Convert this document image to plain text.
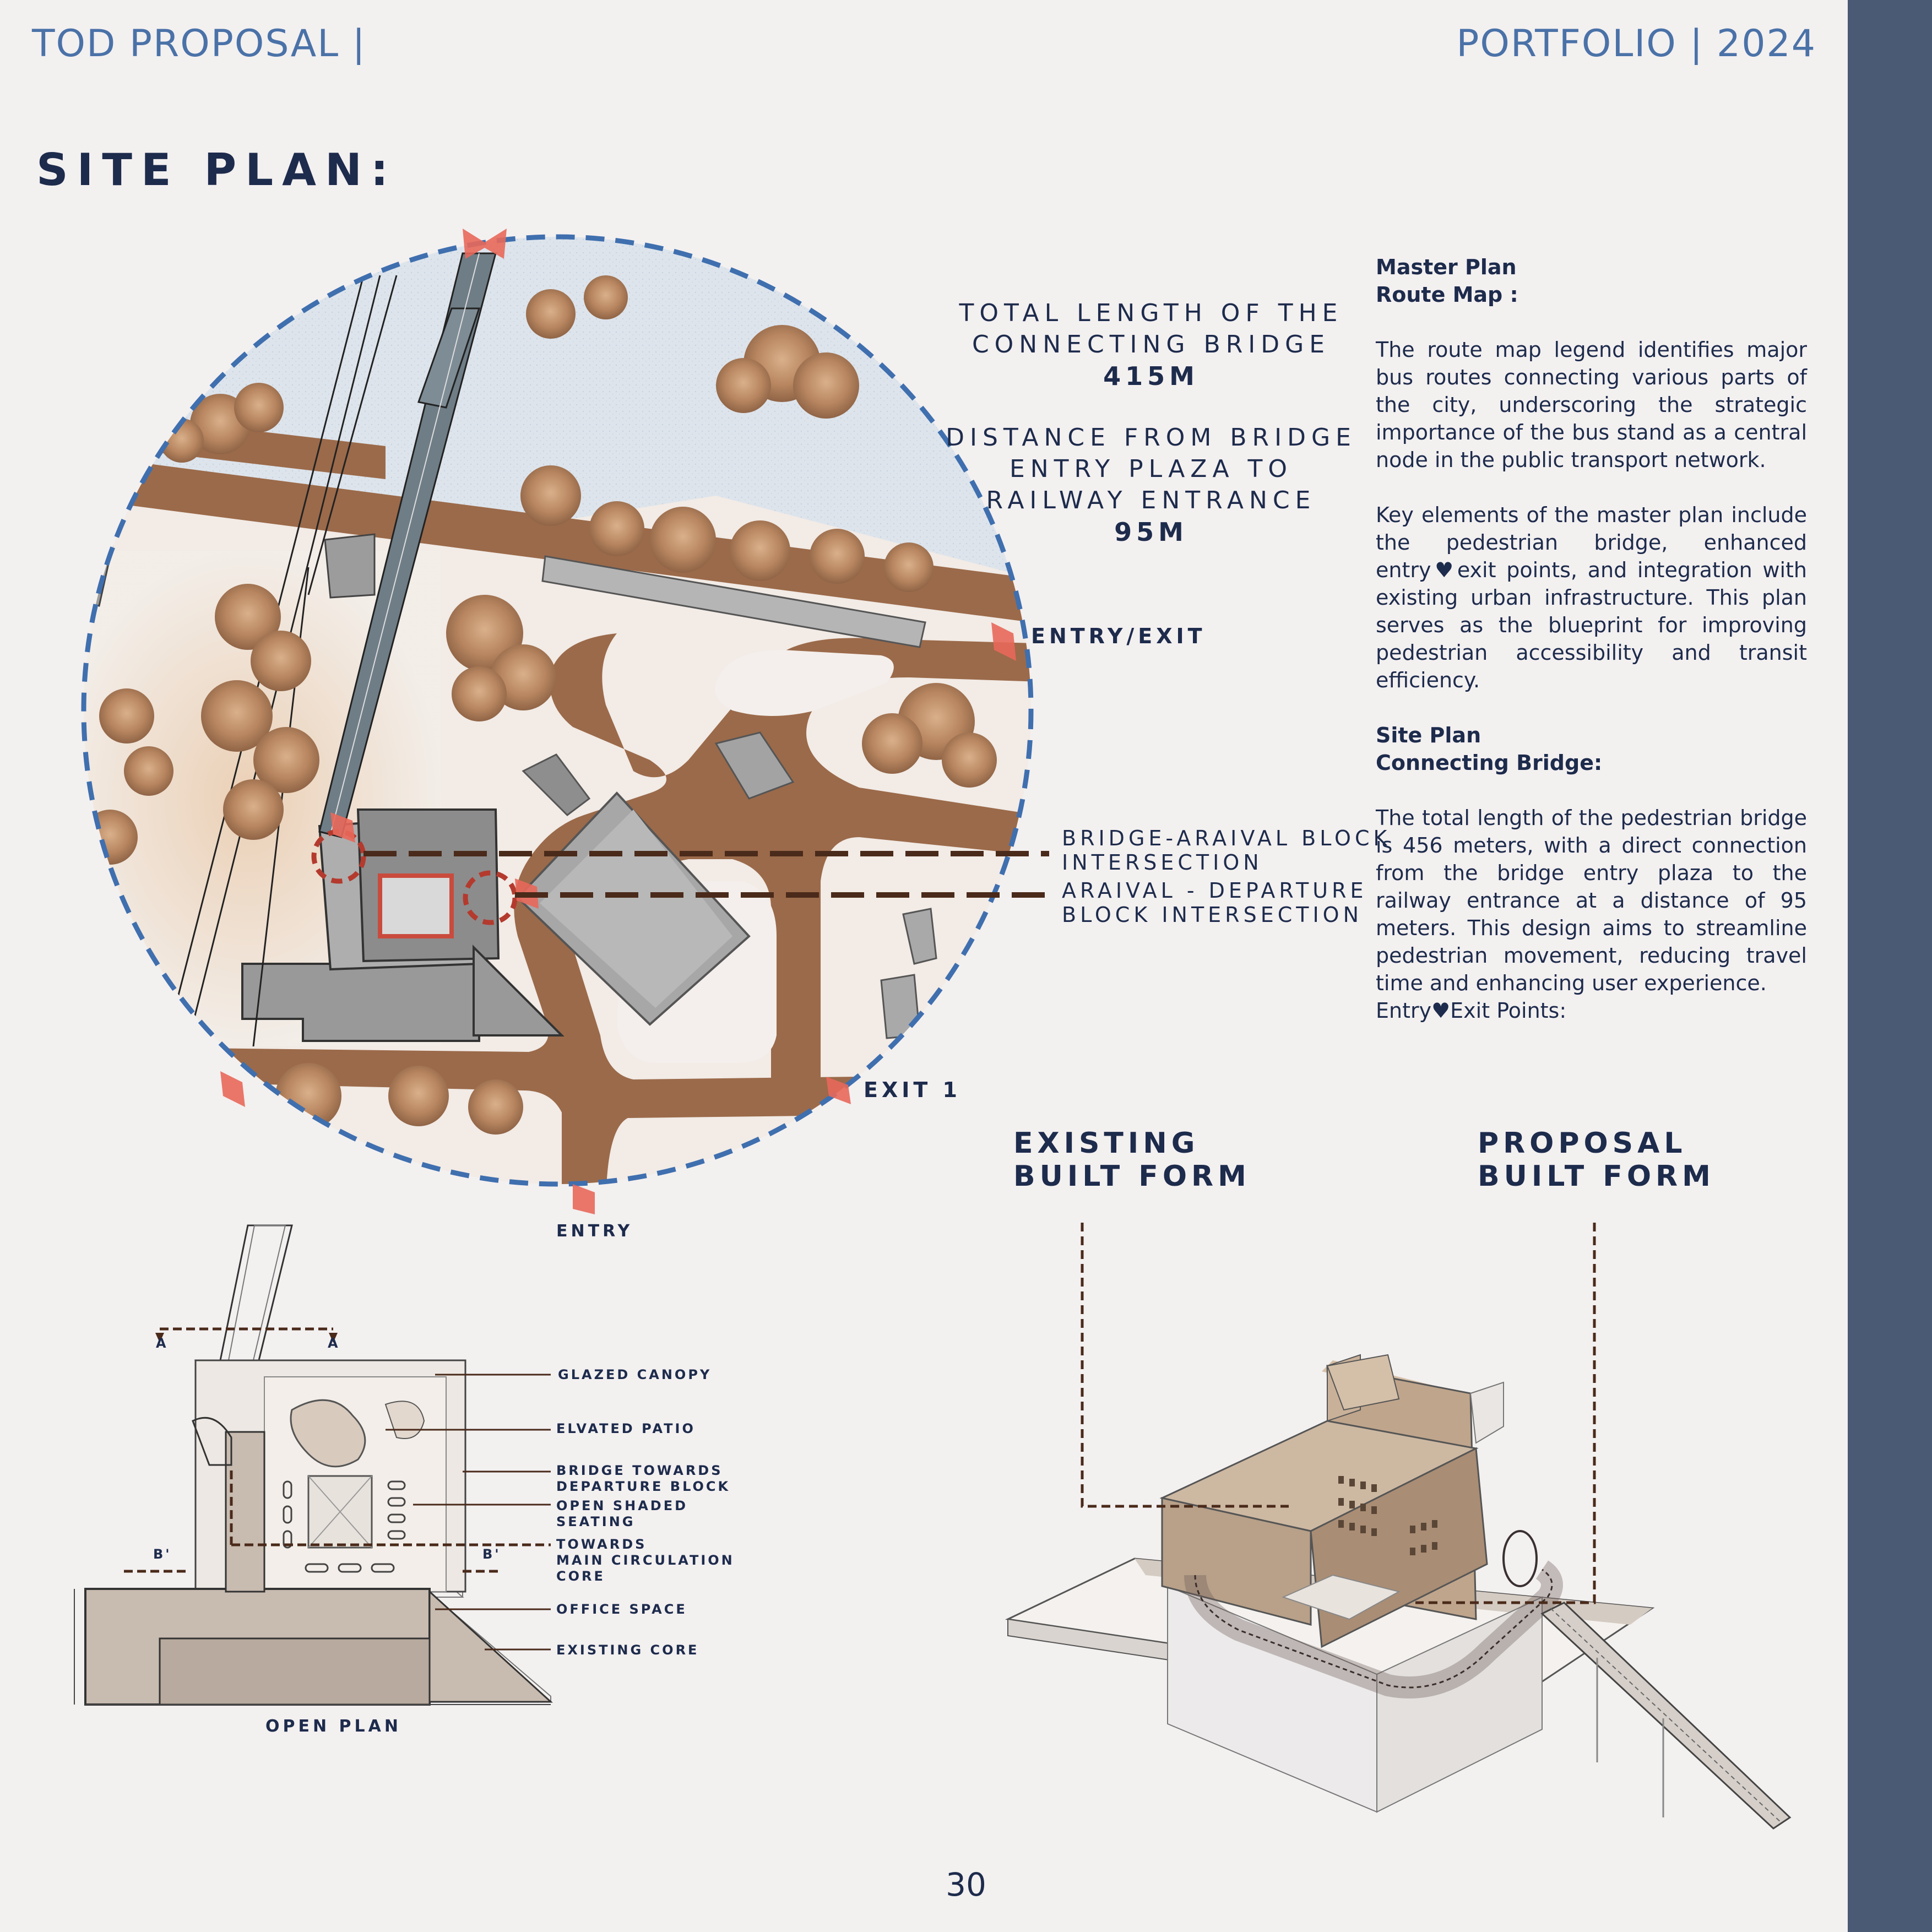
TOD PROPOSAL |	PORTFOLIO | 2024
SITE PLAN:
TOTAL LENGTH OF THE
CONNECTING BRIDGE
415M
DISTANCE FROM BRIDGE
ENTRY PLAZA TO
RAILWAY ENTRANCE
95M
ENTRY/EXIT
EXIT 1
ENTRY
BRIDGE-ARAIVAL BLOCK
INTERSECTION
ARAIVAL - DEPARTURE
BLOCK INTERSECTION
Master Plan
Route Map :

The route map legend identifies major bus routes connecting various parts of the city, underscoring the strategic importance of the bus stand as a central node in the public transport network.

Key elements of the master plan include the pedestrian bridge, enhanced entry♥exit points, and integration with existing urban infrastructure. This plan serves as the blueprint for improving pedestrian accessibility and transit efficiency.

Site Plan
Connecting Bridge:
The total length of the pedestrian bridge is 456 meters, with a direct connection from the bridge entry plaza to the railway entrance at a distance of 95 meters. This design aims to streamline pedestrian movement, reducing travel time and enhancing user experience.
Entry♥Exit Points:
GLAZED CANOPY
ELVATED PATIO
BRIDGE TOWARDS
DEPARTURE BLOCK
OPEN SHADED
SEATING
TOWARDS
MAIN CIRCULATION
CORE
OFFICE SPACE
EXISTING CORE
OPEN PLAN
A	A
B'	B'
EXISTING
BUILT FORM
PROPOSAL
BUILT FORM
30
